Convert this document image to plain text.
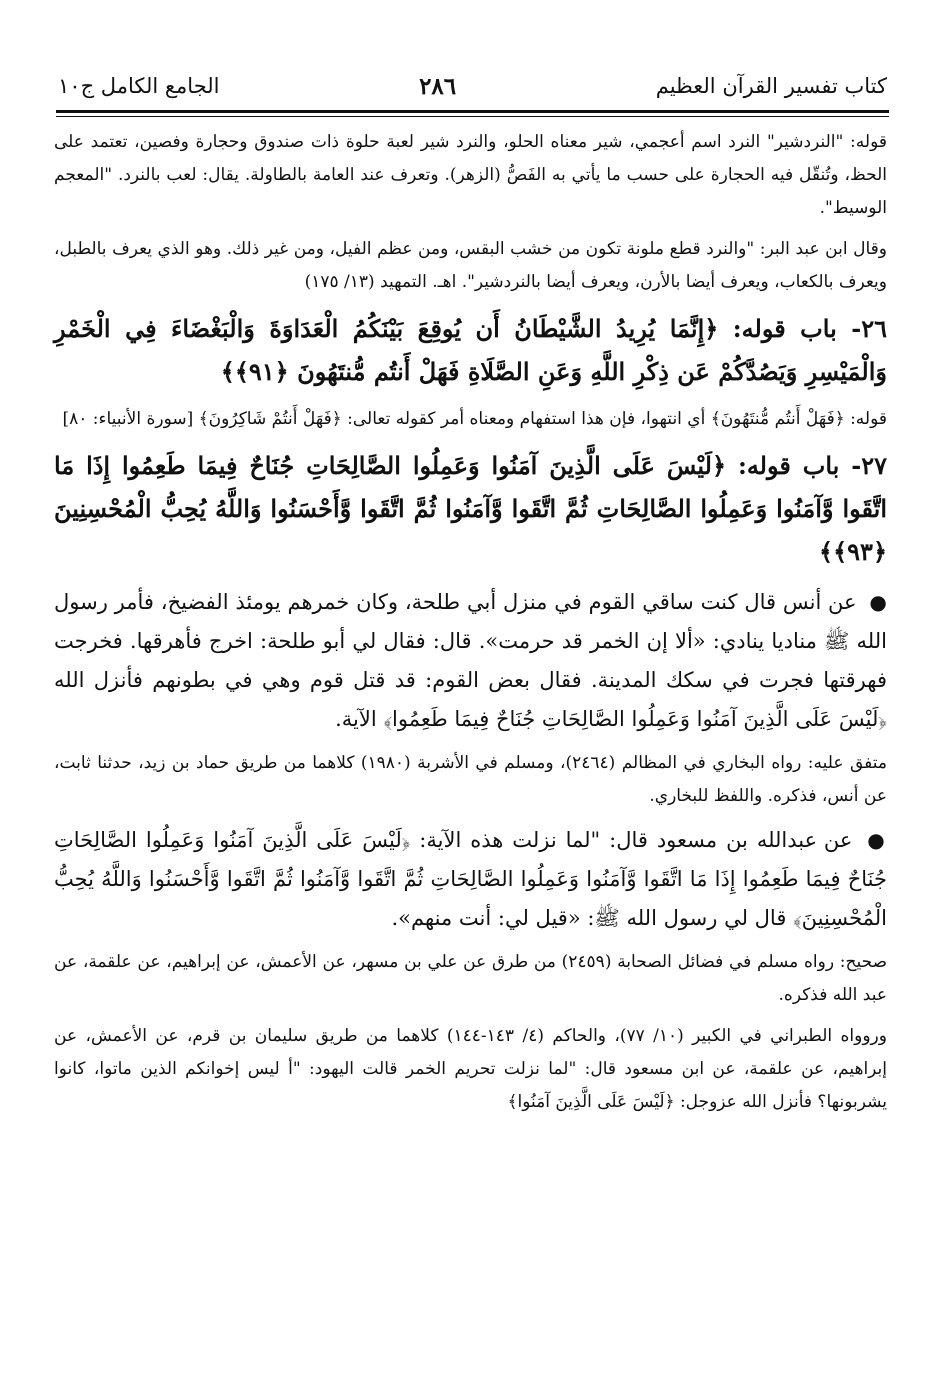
كتاب تفسير القرآن العظيم
٢٨٦
الجامع الكامل ج١٠

قوله: "النردشير" النرد اسم أعجمي، شير معناه الحلو، والنرد شير لعبة حلوة ذات صندوق وحجارة وفصين، تعتمد على الحظ، وتُنقّل فيه الحجارة على حسب ما يأتي به الفَصُّ (الزهر). وتعرف عند العامة بالطاولة. يقال: لعب بالنرد. "المعجم الوسيط".

وقال ابن عبد البر: "والنرد قطع ملونة تكون من خشب البقس، ومن عظم الفيل، ومن غير ذلك. وهو الذي يعرف بالطبل، ويعرف بالكعاب، ويعرف أيضا بالأرن، ويعرف أيضا بالنردشير". اهـ. التمهيد (١٣/ ١٧٥)

٢٦- باب قوله: ﴿إِنَّمَا يُرِيدُ الشَّيْطَانُ أَن يُوقِعَ بَيْنَكُمُ الْعَدَاوَةَ وَالْبَغْضَاءَ فِي الْخَمْرِ وَالْمَيْسِرِ وَيَصُدَّكُمْ عَن ذِكْرِ اللَّهِ وَعَنِ الصَّلَاةِ فَهَلْ أَنتُم مُّنتَهُونَ ﴿٩١﴾﴾

قوله: ﴿فَهَلْ أَنتُم مُّنتَهُونَ﴾ أي انتهوا، فإن هذا استفهام ومعناه أمر كقوله تعالى: ﴿فَهَلْ أَنتُمْ شَاكِرُونَ﴾ [سورة الأنبياء: ٨٠]

٢٧- باب قوله: ﴿لَيْسَ عَلَى الَّذِينَ آمَنُوا وَعَمِلُوا الصَّالِحَاتِ جُنَاحٌ فِيمَا طَعِمُوا إِذَا مَا اتَّقَوا وَّآمَنُوا وَعَمِلُوا الصَّالِحَاتِ ثُمَّ اتَّقَوا وَّآمَنُوا ثُمَّ اتَّقَوا وَّأَحْسَنُوا وَاللَّهُ يُحِبُّ الْمُحْسِنِينَ ﴿٩٣﴾﴾

● عن أنس قال كنت ساقي القوم في منزل أبي طلحة، وكان خمرهم يومئذ الفضيخ، فأمر رسول الله ﷺ مناديا ينادي: «ألا إن الخمر قد حرمت». قال: فقال لي أبو طلحة: اخرج فأهرقها. فخرجت فهرقتها فجرت في سكك المدينة. فقال بعض القوم: قد قتل قوم وهي في بطونهم فأنزل الله ﴿لَيْسَ عَلَى الَّذِينَ آمَنُوا وَعَمِلُوا الصَّالِحَاتِ جُنَاحٌ فِيمَا طَعِمُوا﴾ الآية.

متفق عليه: رواه البخاري في المظالم (٢٤٦٤)، ومسلم في الأشربة (١٩٨٠) كلاهما من طريق حماد بن زيد، حدثنا ثابت، عن أنس، فذكره. واللفظ للبخاري.

● عن عبدالله بن مسعود قال: "لما نزلت هذه الآية: ﴿لَيْسَ عَلَى الَّذِينَ آمَنُوا وَعَمِلُوا الصَّالِحَاتِ جُنَاحٌ فِيمَا طَعِمُوا إِذَا مَا اتَّقَوا وَّآمَنُوا وَعَمِلُوا الصَّالِحَاتِ ثُمَّ اتَّقَوا وَّآمَنُوا ثُمَّ اتَّقَوا وَّأَحْسَنُوا وَاللَّهُ يُحِبُّ الْمُحْسِنِينَ﴾ قال لي رسول الله ﷺ: «قيل لي: أنت منهم».

صحيح: رواه مسلم في فضائل الصحابة (٢٤٥٩) من طرق عن علي بن مسهر، عن الأعمش، عن إبراهيم، عن علقمة، عن عبد الله فذكره.

وروواه الطبراني في الكبير (١٠/ ٧٧)، والحاكم (٤/ ١٤٣-١٤٤) كلاهما من طريق سليمان بن قرم، عن الأعمش، عن إبراهيم، عن علقمة، عن ابن مسعود قال: "لما نزلت تحريم الخمر قالت اليهود: "أ ليس إخوانكم الذين ماتوا، كانوا يشربونها؟ فأنزل الله عزوجل: ﴿لَيْسَ عَلَى الَّذِينَ آمَنُوا﴾
